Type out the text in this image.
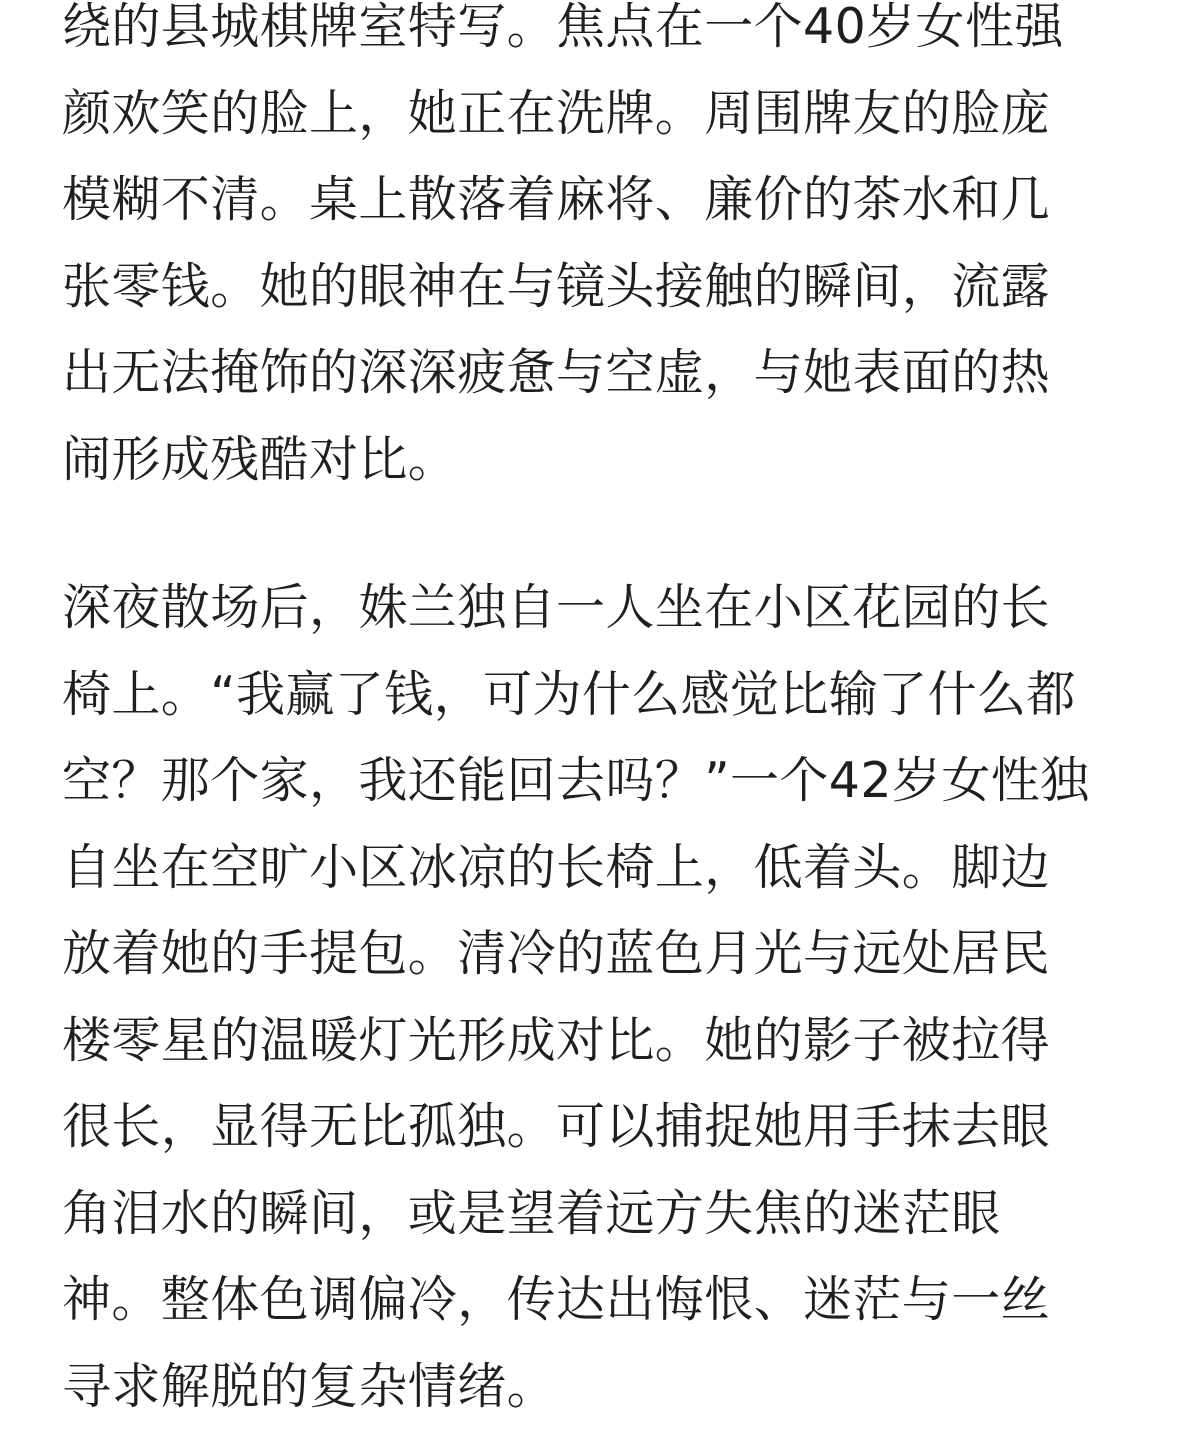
绕的县城棋牌室特写。焦点在一个40岁女性强
颜欢笑的脸上，她正在洗牌。周围牌友的脸庞
模糊不清。桌上散落着麻将、廉价的茶水和几
张零钱。她的眼神在与镜头接触的瞬间，流露
出无法掩饰的深深疲惫与空虚，与她表面的热
闹形成残酷对比。
深夜散场后，姝兰独自一人坐在小区花园的长
椅上。“我赢了钱，可为什么感觉比输了什么都
空？那个家，我还能回去吗？”一个42岁女性独
自坐在空旷小区冰凉的长椅上，低着头。脚边
放着她的手提包。清冷的蓝色月光与远处居民
楼零星的温暖灯光形成对比。她的影子被拉得
很长，显得无比孤独。可以捕捉她用手抹去眼
角泪水的瞬间，或是望着远方失焦的迷茫眼
神。整体色调偏冷，传达出悔恨、迷茫与一丝
寻求解脱的复杂情绪。
